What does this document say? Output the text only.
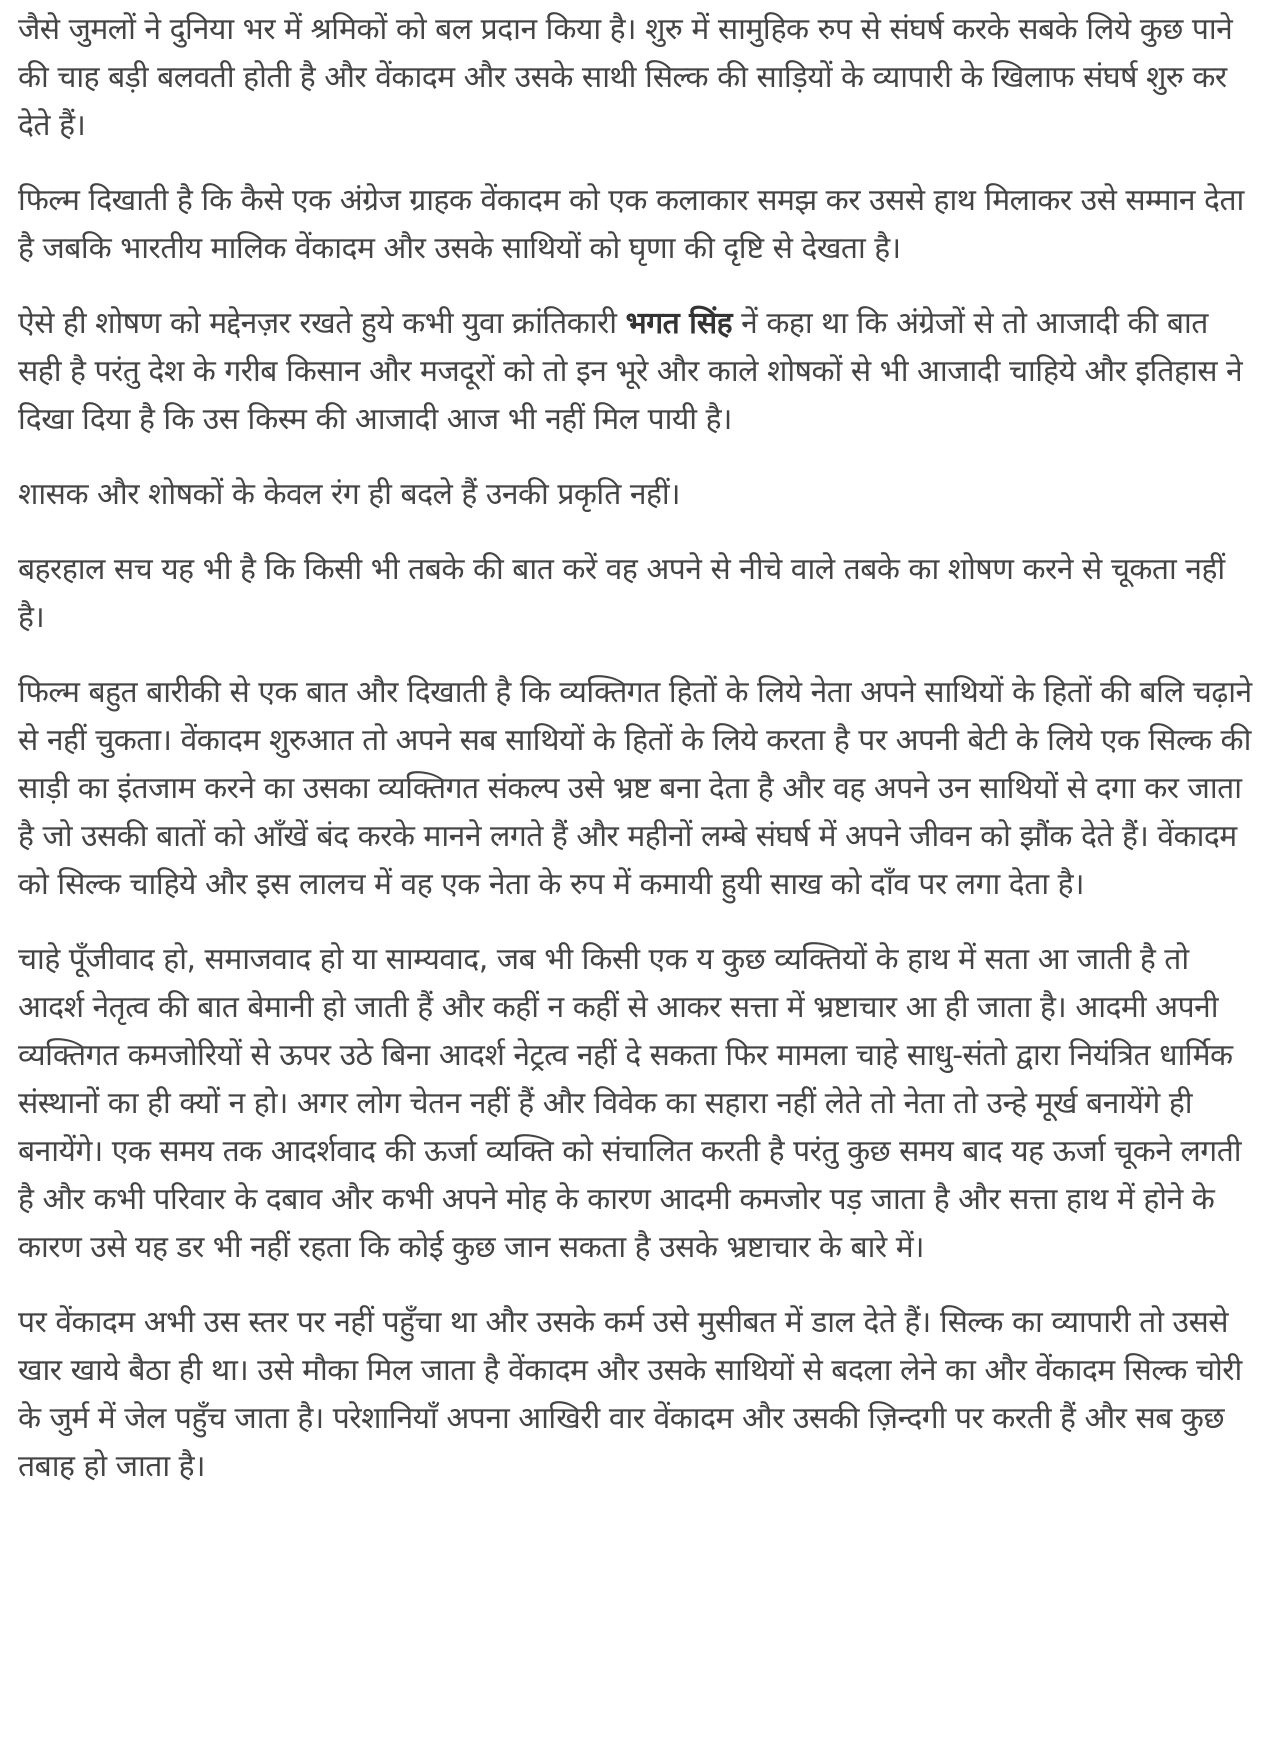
जैसे जुमलों ने दुनिया भर में श्रमिकों को बल प्रदान किया है। शुरु में सामुहिक रुप से संघर्ष करके सबके लिये कुछ पाने की चाह बड़ी बलवती होती है और वेंकादम और उसके साथी सिल्क की साड़ियों के व्यापारी के खिलाफ संघर्ष शुरु कर देते हैं।

फिल्म दिखाती है कि कैसे एक अंग्रेज ग्राहक वेंकादम को एक कलाकार समझ कर उससे हाथ मिलाकर उसे सम्मान देता है जबकि भारतीय मालिक वेंकादम और उसके साथियों को घृणा की दृष्टि से देखता है।

ऐसे ही शोषण को मद्देनज़र रखते हुये कभी युवा क्रांतिकारी भगत सिंह नें कहा था कि अंग्रेजों से तो आजादी की बात सही है परंतु देश के गरीब किसान और मजदूरों को तो इन भूरे और काले शोषकों से भी आजादी चाहिये और इतिहास ने दिखा दिया है कि उस किस्म की आजादी आज भी नहीं मिल पायी है।

शासक और शोषकों के केवल रंग ही बदले हैं उनकी प्रकृति नहीं।

बहरहाल सच यह भी है कि किसी भी तबके की बात करें वह अपने से नीचे वाले तबके का शोषण करने से चूकता नहीं है।

फिल्म बहुत बारीकी से एक बात और दिखाती है कि व्यक्तिगत हितों के लिये नेता अपने साथियों के हितों की बलि चढ़ाने से नहीं चुकता। वेंकादम शुरुआत तो अपने सब साथियों के हितों के लिये करता है पर अपनी बेटी के लिये एक सिल्क की साड़ी का इंतजाम करने का उसका व्यक्तिगत संकल्प उसे भ्रष्ट बना देता है और वह अपने उन साथियों से दगा कर जाता है जो उसकी बातों को आँखें बंद करके मानने लगते हैं और महीनों लम्बे संघर्ष में अपने जीवन को झौंक देते हैं। वेंकादम को सिल्क चाहिये और इस लालच में वह एक नेता के रुप में कमायी हुयी साख को दाँव पर लगा देता है।

चाहे पूँजीवाद हो, समाजवाद हो या साम्यवाद, जब भी किसी एक य कुछ व्यक्तियों के हाथ में सता आ जाती है तो आदर्श नेतृत्व की बात बेमानी हो जाती हैं और कहीं न कहीं से आकर सत्ता में भ्रष्टाचार आ ही जाता है। आदमी अपनी व्यक्तिगत कमजोरियों से ऊपर उठे बिना आदर्श नेट्रत्व नहीं दे सकता फिर मामला चाहे साधु-संतो द्वारा नियंत्रित धार्मिक संस्थानों का ही क्यों न हो। अगर लोग चेतन नहीं हैं और विवेक का सहारा नहीं लेते तो नेता तो उन्हे मूर्ख बनायेंगे ही बनायेंगे। एक समय तक आदर्शवाद की ऊर्जा व्यक्ति को संचालित करती है परंतु कुछ समय बाद यह ऊर्जा चूकने लगती है और कभी परिवार के दबाव और कभी अपने मोह के कारण आदमी कमजोर पड़ जाता है और सत्ता हाथ में होने के कारण उसे यह डर भी नहीं रहता कि कोई कुछ जान सकता है उसके भ्रष्टाचार के बारे में।

पर वेंकादम अभी उस स्तर पर नहीं पहुँचा था और उसके कर्म उसे मुसीबत में डाल देते हैं। सिल्क का व्यापारी तो उससे खार खाये बैठा ही था। उसे मौका मिल जाता है वेंकादम और उसके साथियों से बदला लेने का और वेंकादम सिल्क चोरी के जुर्म में जेल पहुँच जाता है। परेशानियाँ अपना आखिरी वार वेंकादम और उसकी ज़िन्दगी पर करती हैं और सब कुछ तबाह हो जाता है।
